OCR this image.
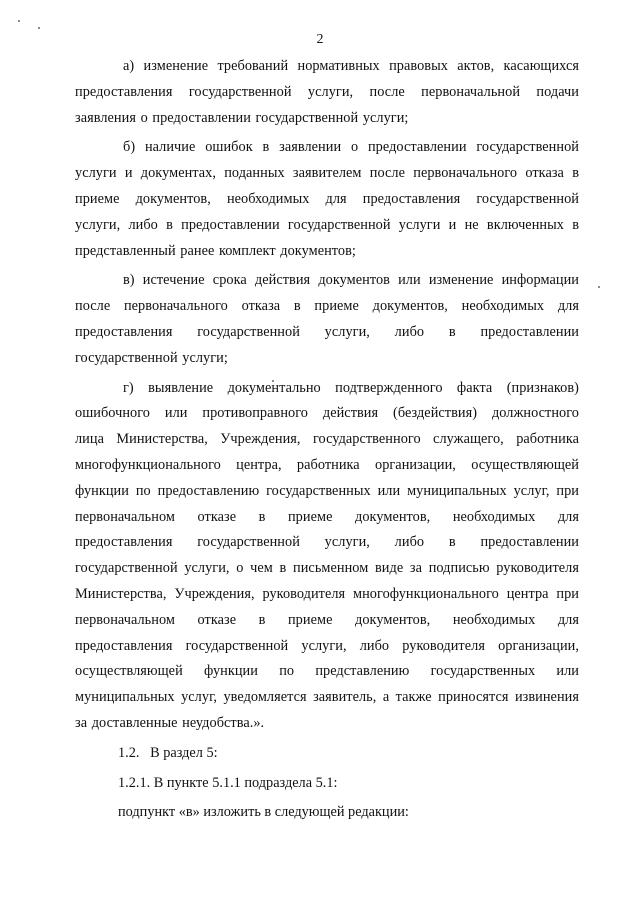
2
а) изменение требований нормативных правовых актов, касающихся
предоставления государственной услуги, после первоначальной подачи
заявления о предоставлении государственной услуги;
б) наличие ошибок в заявлении о предоставлении государственной
услуги и документах, поданных заявителем после первоначального отказа в
приеме документов, необходимых для предоставления государственной
услуги, либо в предоставлении государственной услуги и не включенных в
представленный ранее комплект документов;
в) истечение срока действия документов или изменение информации
после первоначального отказа в приеме документов, необходимых для
предоставления государственной услуги, либо в предоставлении
государственной услуги;
г) выявление документально подтвержденного факта (признаков)
ошибочного или противоправного действия (бездействия) должностного
лица Министерства, Учреждения, государственного служащего, работника
многофункционального центра, работника организации, осуществляющей
функции по предоставлению государственных или муниципальных услуг, при
первоначальном отказе в приеме документов, необходимых для
предоставления государственной услуги, либо в предоставлении
государственной услуги, о чем в письменном виде за подписью руководителя
Министерства, Учреждения, руководителя многофункционального центра при
первоначальном отказе в приеме документов, необходимых для
предоставления государственной услуги, либо руководителя организации,
осуществляющей функции по представлению государственных или
муниципальных услуг, уведомляется заявитель, а также приносятся извинения
за доставленные неудобства.».
1.2.   В раздел 5:
1.2.1. В пункте 5.1.1 подраздела 5.1:
подпункт «в» изложить в следующей редакции:
